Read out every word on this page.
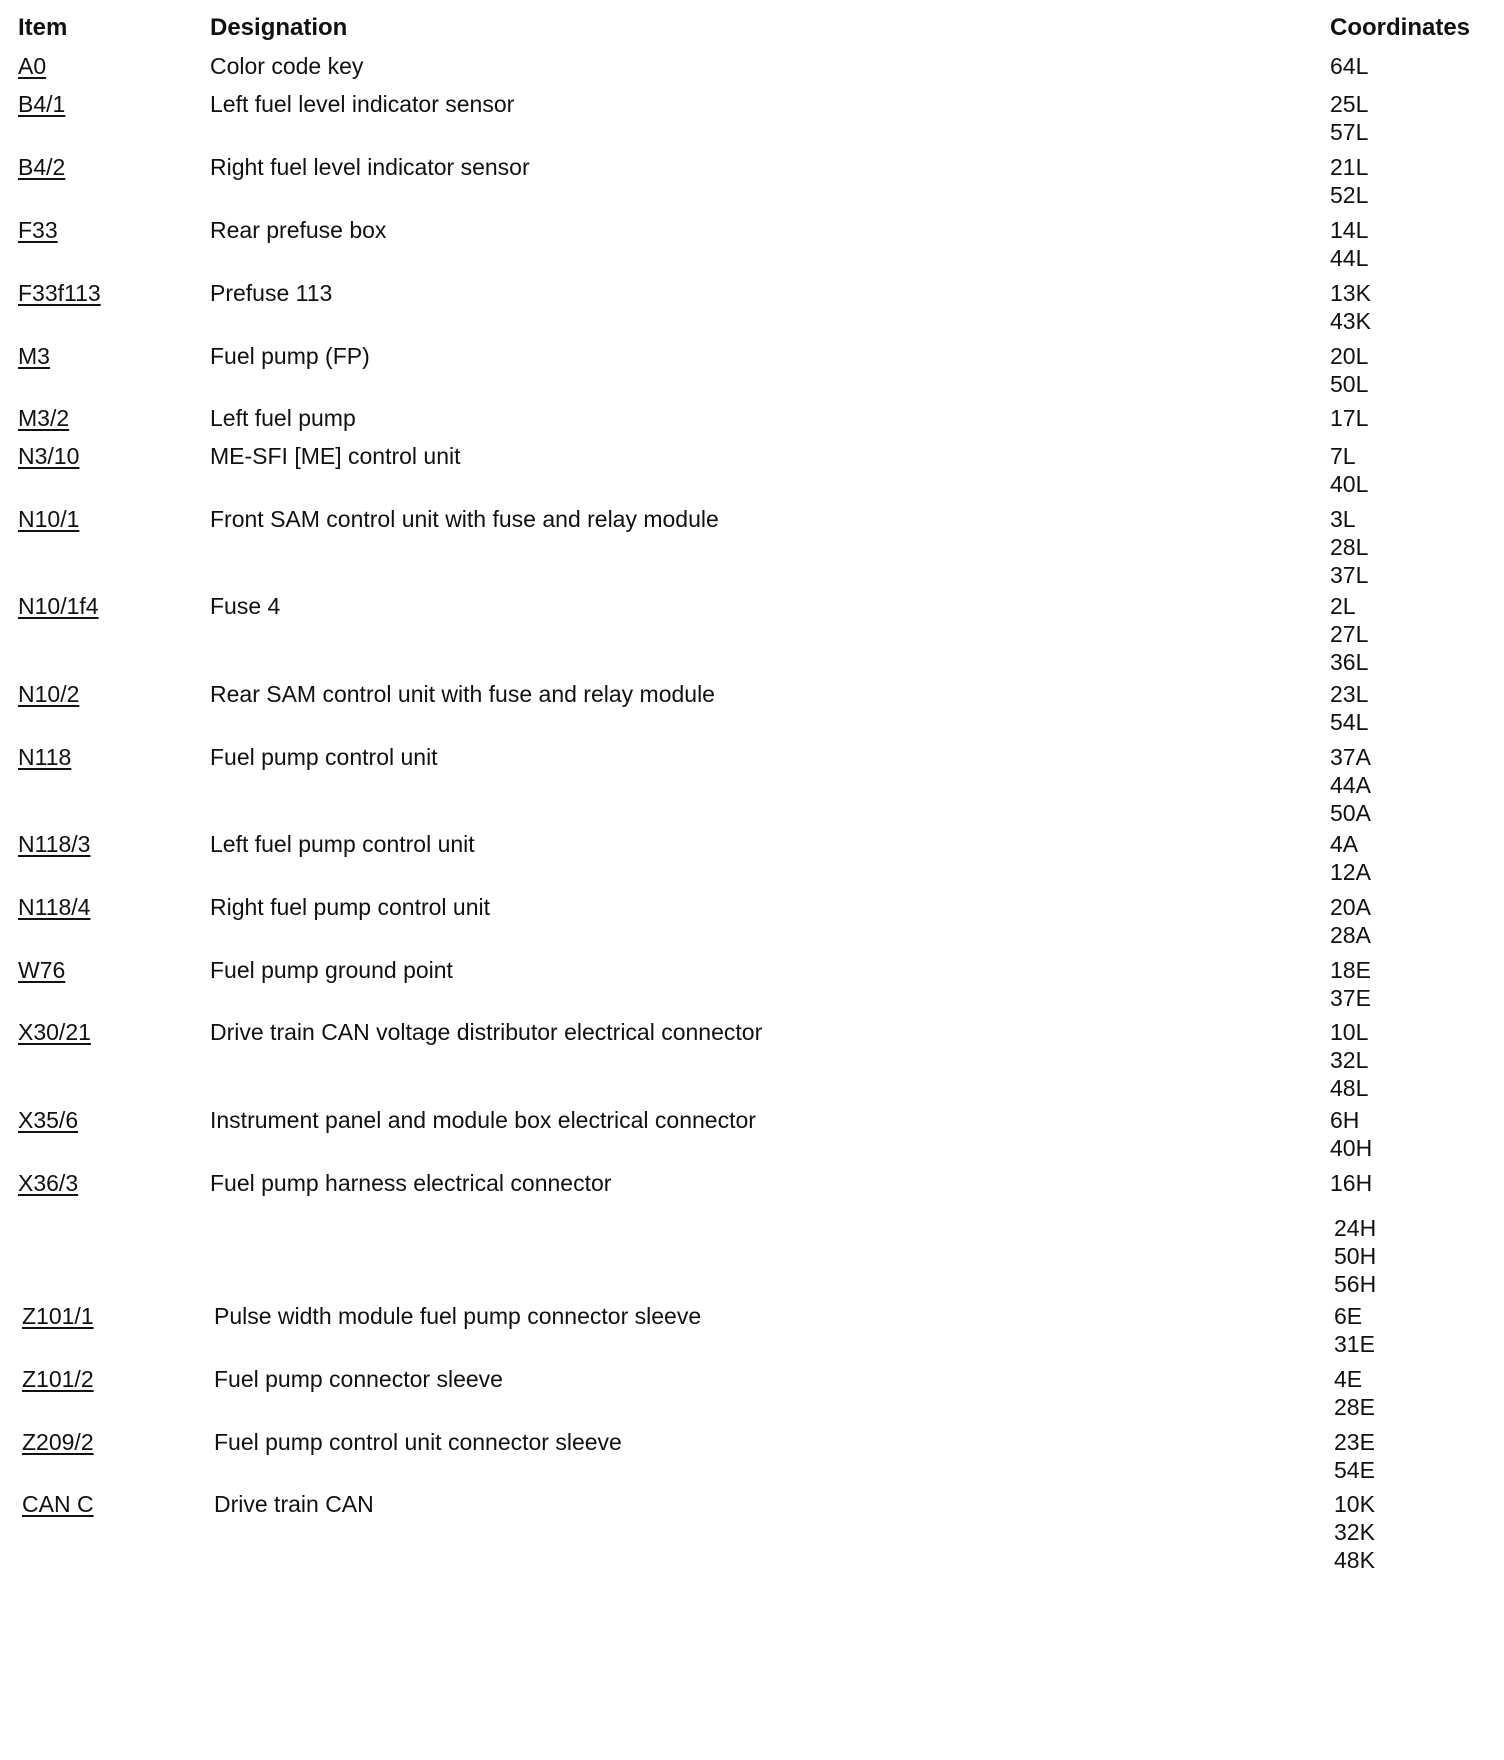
Item	Designation	Coordinates
A0	Color code key	64L
B4/1	Left fuel level indicator sensor	25L
57L
B4/2	Right fuel level indicator sensor	21L
52L
F33	Rear prefuse box	14L
44L
F33f113	Prefuse 113	13K
43K
M3	Fuel pump (FP)	20L
50L
M3/2	Left fuel pump	17L
N3/10	ME-SFI [ME] control unit	7L
40L
N10/1	Front SAM control unit with fuse and relay module	3L
28L
37L
N10/1f4	Fuse 4	2L
27L
36L
N10/2	Rear SAM control unit with fuse and relay module	23L
54L
N118	Fuel pump control unit	37A
44A
50A
N118/3	Left fuel pump control unit	4A
12A
N118/4	Right fuel pump control unit	20A
28A
W76	Fuel pump ground point	18E
37E
X30/21	Drive train CAN voltage distributor electrical connector	10L
32L
48L
X35/6	Instrument panel and module box electrical connector	6H
40H
X36/3	Fuel pump harness electrical connector	16H
24H
50H
56H
Z101/1	Pulse width module fuel pump connector sleeve	6E
31E
Z101/2	Fuel pump connector sleeve	4E
28E
Z209/2	Fuel pump control unit connector sleeve	23E
54E
CAN C	Drive train CAN	10K
32K
48K
